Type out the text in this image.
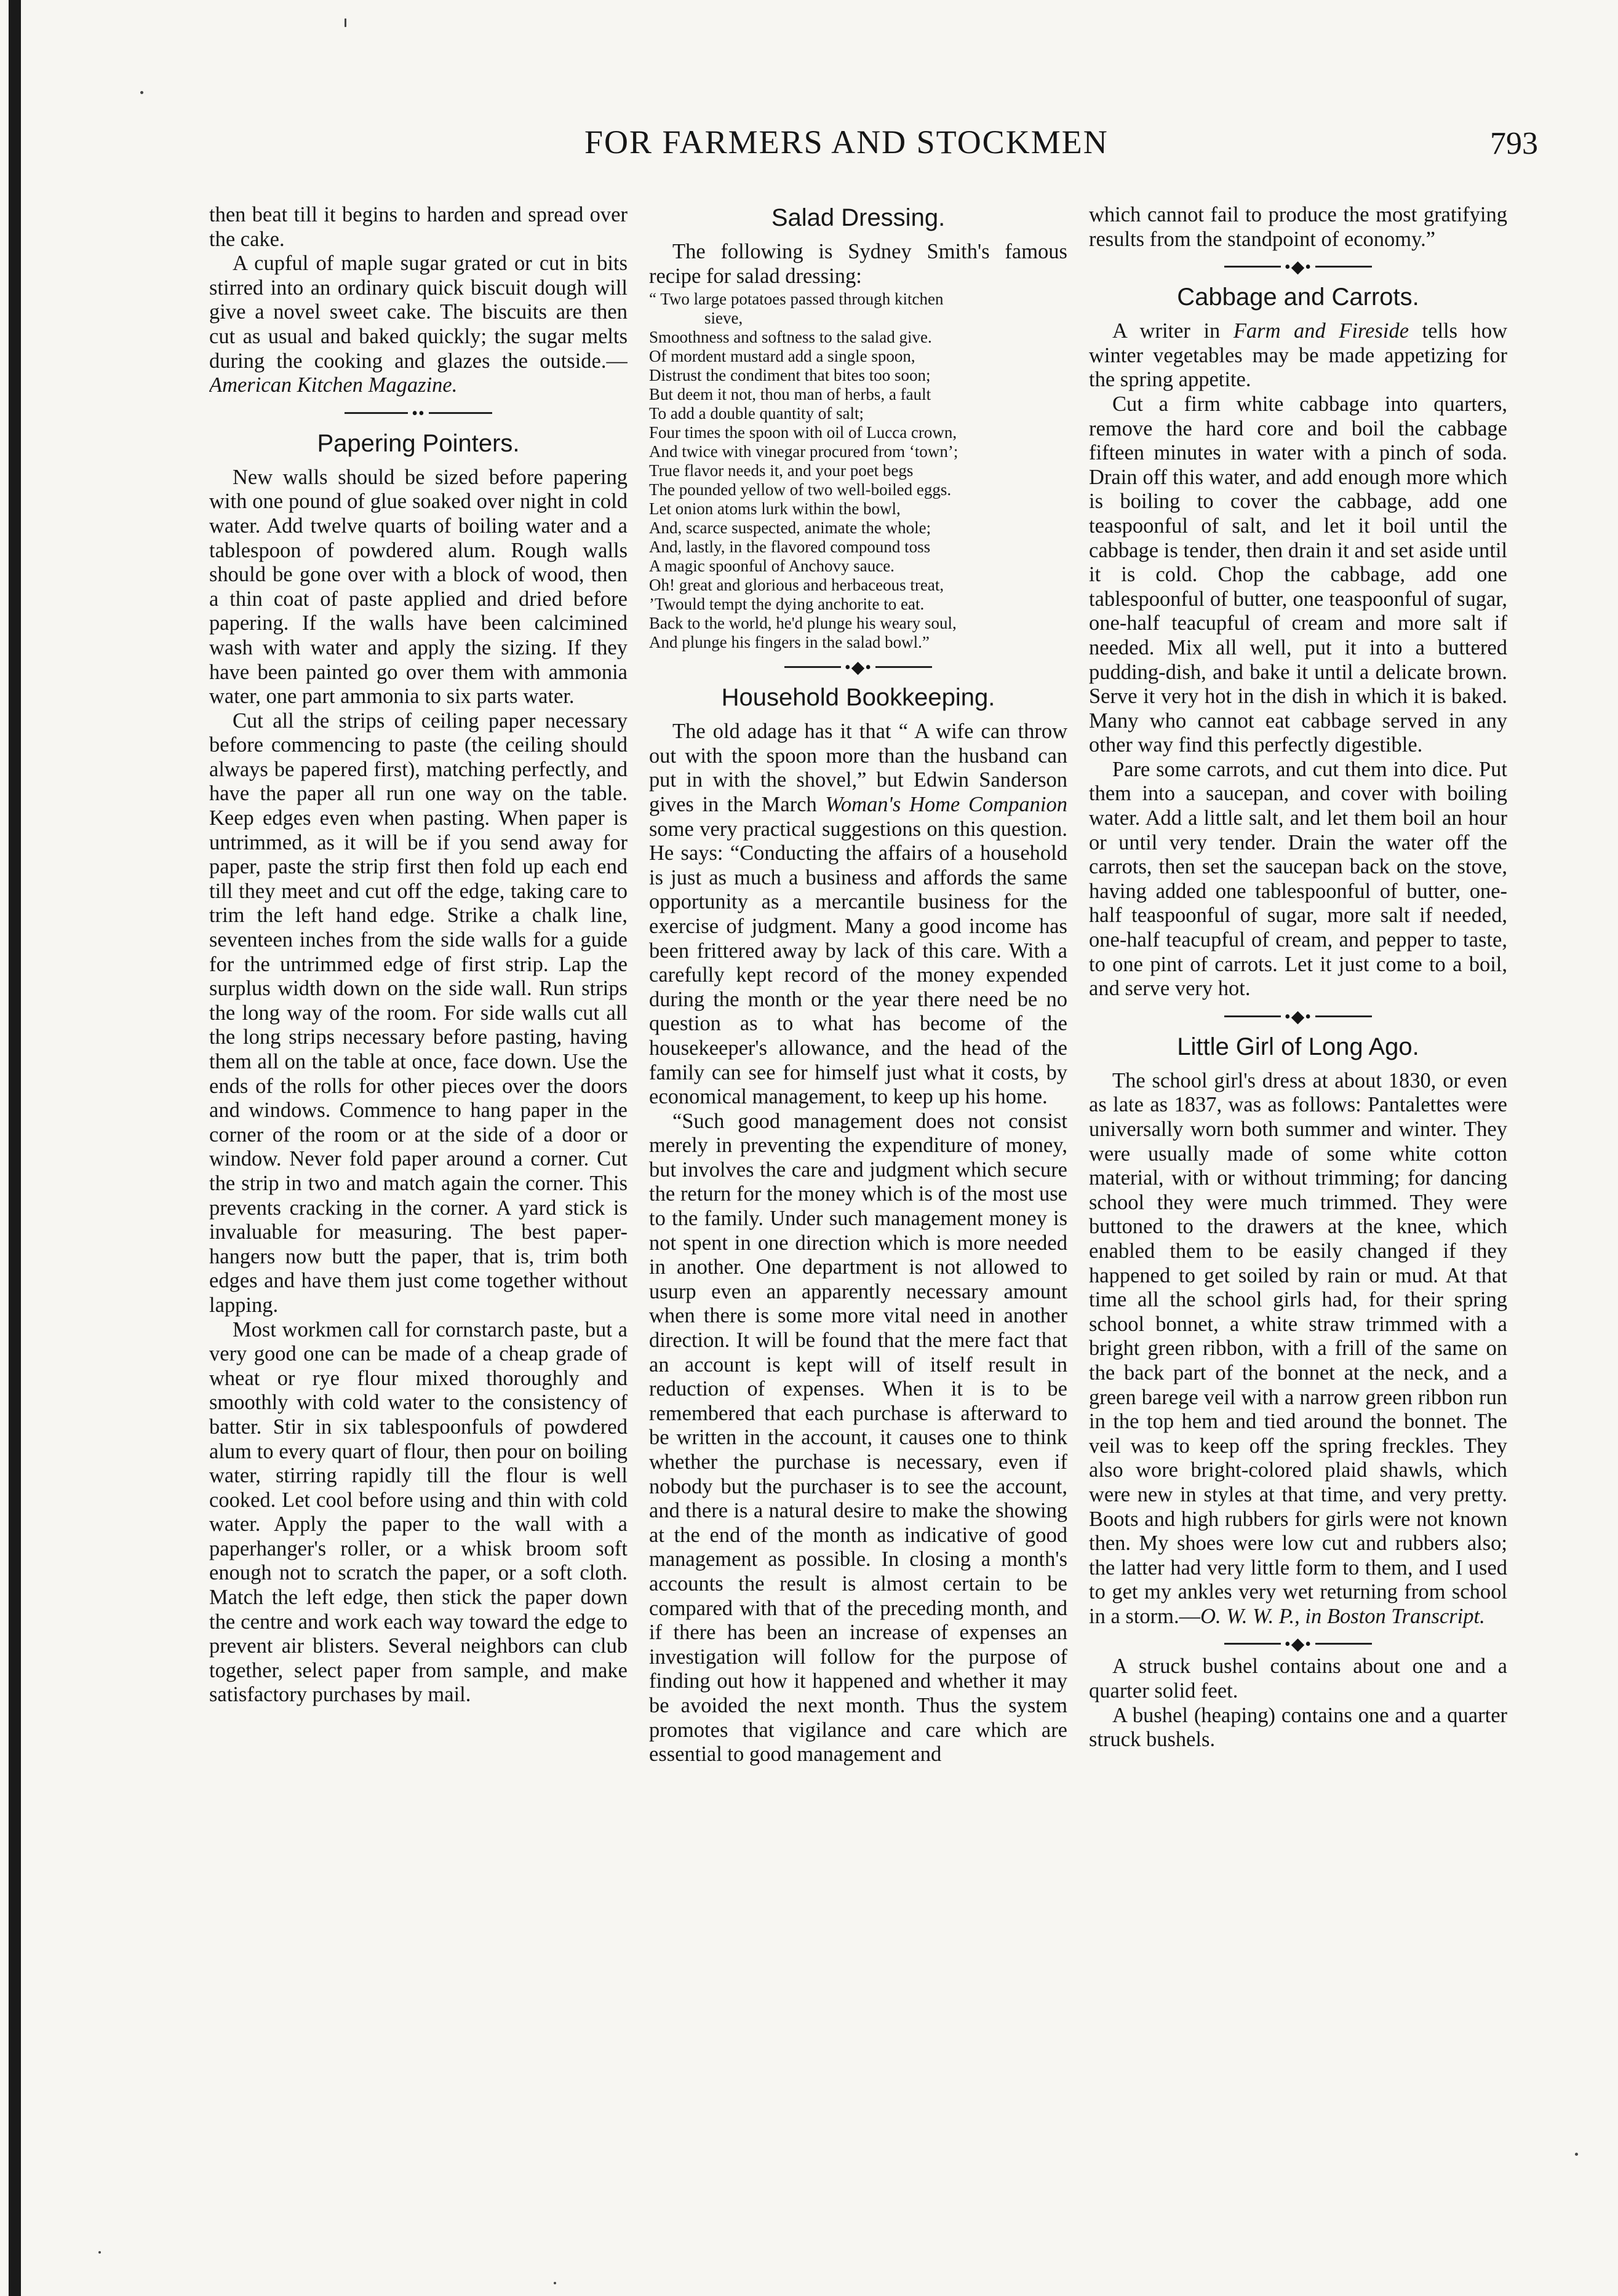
FOR FARMERS AND STOCKMEN	793

then beat till it begins to harden and spread over the cake.

A cupful of maple sugar grated or cut in bits stirred into an ordinary quick biscuit dough will give a novel sweet cake. The biscuits are then cut as usual and baked quickly; the sugar melts during the cooking and glazes the outside.—American Kitchen Magazine.

••
Papering Pointers.

New walls should be sized before papering with one pound of glue soaked over night in cold water. Add twelve quarts of boiling water and a tablespoon of powdered alum. Rough walls should be gone over with a block of wood, then a thin coat of paste applied and dried before papering. If the walls have been calcimined wash with water and apply the sizing. If they have been painted go over them with ammonia water, one part ammonia to six parts water.

Cut all the strips of ceiling paper necessary before commencing to paste (the ceiling should always be papered first), matching perfectly, and have the paper all run one way on the table. Keep edges even when pasting. When paper is untrimmed, as it will be if you send away for paper, paste the strip first then fold up each end till they meet and cut off the edge, taking care to trim the left hand edge. Strike a chalk line, seventeen inches from the side walls for a guide for the untrimmed edge of first strip. Lap the surplus width down on the side wall. Run strips the long way of the room. For side walls cut all the long strips necessary before pasting, having them all on the table at once, face down. Use the ends of the rolls for other pieces over the doors and windows. Commence to hang paper in the corner of the room or at the side of a door or window. Never fold paper around a corner. Cut the strip in two and match again the corner. This prevents cracking in the corner. A yard stick is invaluable for measuring. The best paper-hangers now butt the paper, that is, trim both edges and have them just come together without lapping.

Most workmen call for cornstarch paste, but a very good one can be made of a cheap grade of wheat or rye flour mixed thoroughly and smoothly with cold water to the consistency of batter. Stir in six tablespoonfuls of powdered alum to every quart of flour, then pour on boiling water, stirring rapidly till the flour is well cooked. Let cool before using and thin with cold water. Apply the paper to the wall with a paperhanger's roller, or a whisk broom soft enough not to scratch the paper, or a soft cloth. Match the left edge, then stick the paper down the centre and work each way toward the edge to prevent air blisters. Several neighbors can club together, select paper from sample, and make satisfactory purchases by mail.

Salad Dressing.

The following is Sydney Smith's famous recipe for salad dressing:

“ Two large potatoes passed through kitchen
sieve,
Smoothness and softness to the salad give.
Of mordent mustard add a single spoon,
Distrust the condiment that bites too soon;
But deem it not, thou man of herbs, a fault
To add a double quantity of salt;
Four times the spoon with oil of Lucca crown,
And twice with vinegar procured from ‘town’;
True flavor needs it, and your poet begs
The pounded yellow of two well-boiled eggs.
Let onion atoms lurk within the bowl,
And, scarce suspected, animate the whole;
And, lastly, in the flavored compound toss
A magic spoonful of Anchovy sauce.
Oh! great and glorious and herbaceous treat,
’Twould tempt the dying anchorite to eat.
Back to the world, he'd plunge his weary soul,
And plunge his fingers in the salad bowl.”
•◆•
Household Bookkeeping.

The old adage has it that “ A wife can throw out with the spoon more than the husband can put in with the shovel,” but Edwin Sanderson gives in the March Woman's Home Companion some very practical suggestions on this question. He says: “Conducting the affairs of a household is just as much a business and affords the same opportunity as a mercantile business for the exercise of judgment. Many a good income has been frittered away by lack of this care. With a carefully kept record of the money expended during the month or the year there need be no question as to what has become of the housekeeper's allowance, and the head of the family can see for himself just what it costs, by economical management, to keep up his home.

“Such good management does not consist merely in preventing the expenditure of money, but involves the care and judgment which secure the return for the money which is of the most use to the family. Under such management money is not spent in one direction which is more needed in another. One department is not allowed to usurp even an apparently necessary amount when there is some more vital need in another direction. It will be found that the mere fact that an account is kept will of itself result in reduction of expenses. When it is to be remembered that each purchase is afterward to be written in the account, it causes one to think whether the purchase is necessary, even if nobody but the purchaser is to see the account, and there is a natural desire to make the showing at the end of the month as indicative of good management as possible. In closing a month's accounts the result is almost certain to be compared with that of the preceding month, and if there has been an increase of expenses an investigation will follow for the purpose of finding out how it happened and whether it may be avoided the next month. Thus the system promotes that vigilance and care which are essential to good management and

which cannot fail to produce the most gratifying results from the standpoint of economy.”

•◆•
Cabbage and Carrots.

A writer in Farm and Fireside tells how winter vegetables may be made appetizing for the spring appetite.

Cut a firm white cabbage into quarters, remove the hard core and boil the cabbage fifteen minutes in water with a pinch of soda. Drain off this water, and add enough more which is boiling to cover the cabbage, add one teaspoonful of salt, and let it boil until the cabbage is tender, then drain it and set aside until it is cold. Chop the cabbage, add one tablespoonful of butter, one teaspoonful of sugar, one-half teacupful of cream and more salt if needed. Mix all well, put it into a buttered pudding-dish, and bake it until a delicate brown. Serve it very hot in the dish in which it is baked. Many who cannot eat cabbage served in any other way find this perfectly digestible.

Pare some carrots, and cut them into dice. Put them into a saucepan, and cover with boiling water. Add a little salt, and let them boil an hour or until very tender. Drain the water off the carrots, then set the saucepan back on the stove, having added one tablespoonful of butter, one-half teaspoonful of sugar, more salt if needed, one-half teacupful of cream, and pepper to taste, to one pint of carrots. Let it just come to a boil, and serve very hot.

•◆•
Little Girl of Long Ago.

The school girl's dress at about 1830, or even as late as 1837, was as follows: Pantalettes were universally worn both summer and winter. They were usually made of some white cotton material, with or without trimming; for dancing school they were much trimmed. They were buttoned to the drawers at the knee, which enabled them to be easily changed if they happened to get soiled by rain or mud. At that time all the school girls had, for their spring school bonnet, a white straw trimmed with a bright green ribbon, with a frill of the same on the back part of the bonnet at the neck, and a green barege veil with a narrow green ribbon run in the top hem and tied around the bonnet. The veil was to keep off the spring freckles. They also wore bright-colored plaid shawls, which were new in styles at that time, and very pretty. Boots and high rubbers for girls were not known then. My shoes were low cut and rubbers also; the latter had very little form to them, and I used to get my ankles very wet returning from school in a storm.—O. W. W. P., in Boston Transcript.

•◆•

A struck bushel contains about one and a quarter solid feet.

A bushel (heaping) contains one and a quarter struck bushels.
